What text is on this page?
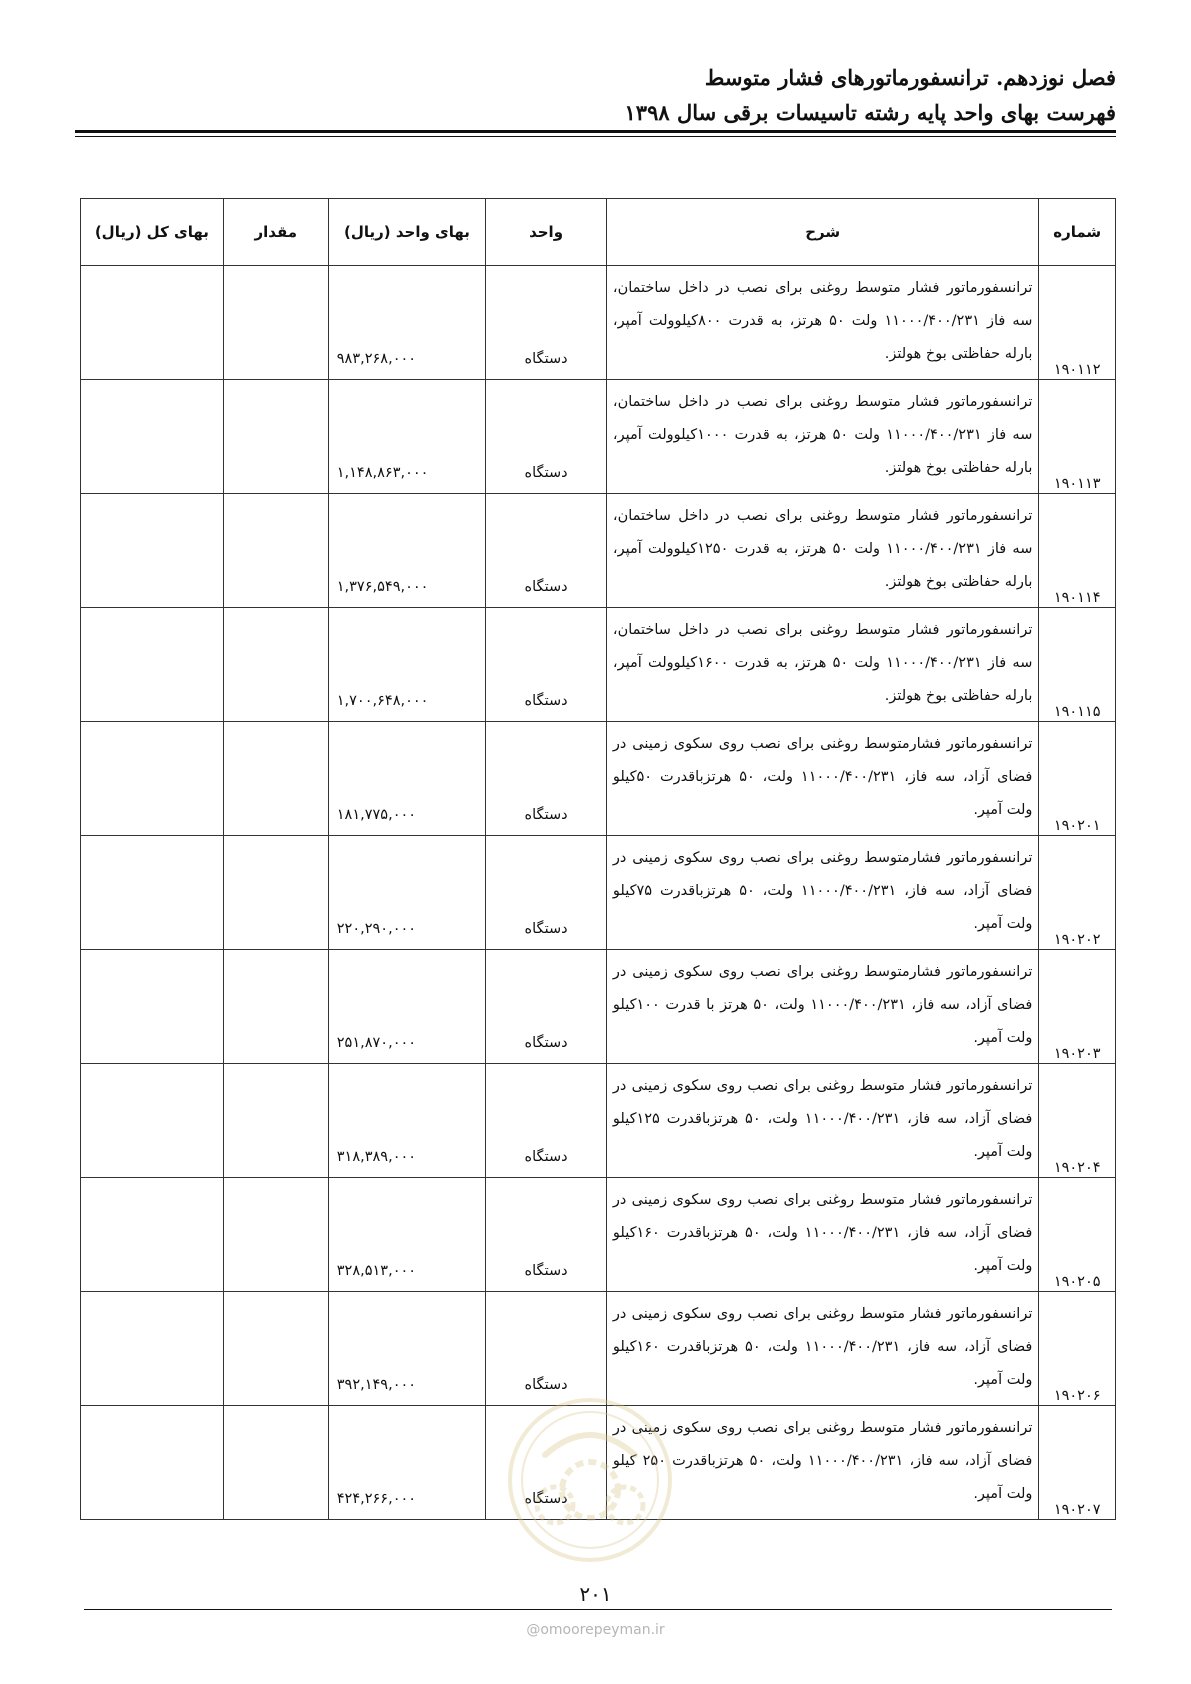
فصل نوزدهم. ترانسفورماتورهای فشار متوسط
فهرست بهای واحد پایه رشته تاسیسات برقی سال ۱۳۹۸
شماره	شرح	واحد	بهای واحد (ریال)	مقدار	بهای کل (ریال)
۱۹۰۱۱۲	ترانسفورماتور فشار متوسط روغنی برای نصب در داخل ساختمان، سه فاز ۱۱۰۰۰/۴۰۰/۲۳۱ ولت ۵۰ هرتز، به قدرت ۸۰۰کیلوولت آمپر، بارله حفاظتی بوخ هولتز.	دستگاه	۹۸۳,۲۶۸,۰۰۰		
۱۹۰۱۱۳	ترانسفورماتور فشار متوسط روغنی برای نصب در داخل ساختمان، سه فاز ۱۱۰۰۰/۴۰۰/۲۳۱ ولت ۵۰ هرتز، به قدرت ۱۰۰۰کیلوولت آمپر، بارله حفاظتی بوخ هولتز.	دستگاه	۱,۱۴۸,۸۶۳,۰۰۰		
۱۹۰۱۱۴	ترانسفورماتور فشار متوسط روغنی برای نصب در داخل ساختمان، سه فاز ۱۱۰۰۰/۴۰۰/۲۳۱ ولت ۵۰ هرتز، به قدرت ۱۲۵۰کیلوولت آمپر، بارله حفاظتی بوخ هولتز.	دستگاه	۱,۳۷۶,۵۴۹,۰۰۰		
۱۹۰۱۱۵	ترانسفورماتور فشار متوسط روغنی برای نصب در داخل ساختمان، سه فاز ۱۱۰۰۰/۴۰۰/۲۳۱ ولت ۵۰ هرتز، به قدرت ۱۶۰۰کیلوولت آمپر، بارله حفاظتی بوخ هولتز.	دستگاه	۱,۷۰۰,۶۴۸,۰۰۰		
۱۹۰۲۰۱	ترانسفورماتور فشارمتوسط روغنی برای نصب روی سکوی زمینی در فضای آزاد، سه فاز، ۱۱۰۰۰/۴۰۰/۲۳۱ ولت، ۵۰ هرتزباقدرت ۵۰کیلو ولت آمپر.	دستگاه	۱۸۱,۷۷۵,۰۰۰		
۱۹۰۲۰۲	ترانسفورماتور فشارمتوسط روغنی برای نصب روی سکوی زمینی در فضای آزاد، سه فاز، ۱۱۰۰۰/۴۰۰/۲۳۱ ولت، ۵۰ هرتزباقدرت ۷۵کیلو ولت آمپر.	دستگاه	۲۲۰,۲۹۰,۰۰۰		
۱۹۰۲۰۳	ترانسفورماتور فشارمتوسط روغنی برای نصب روی سکوی زمینی در فضای آزاد، سه فاز، ۱۱۰۰۰/۴۰۰/۲۳۱ ولت، ۵۰ هرتز با قدرت ۱۰۰کیلو ولت آمپر.	دستگاه	۲۵۱,۸۷۰,۰۰۰		
۱۹۰۲۰۴	ترانسفورماتور فشار متوسط روغنی برای نصب روی سکوی زمینی در فضای آزاد، سه فاز، ۱۱۰۰۰/۴۰۰/۲۳۱ ولت، ۵۰ هرتزباقدرت ۱۲۵کیلو ولت آمپر.	دستگاه	۳۱۸,۳۸۹,۰۰۰		
۱۹۰۲۰۵	ترانسفورماتور فشار متوسط روغنی برای نصب روی سکوی زمینی در فضای آزاد، سه فاز، ۱۱۰۰۰/۴۰۰/۲۳۱ ولت، ۵۰ هرتزباقدرت ۱۶۰کیلو ولت آمپر.	دستگاه	۳۲۸,۵۱۳,۰۰۰		
۱۹۰۲۰۶	ترانسفورماتور فشار متوسط روغنی برای نصب روی سکوی زمینی در فضای آزاد، سه فاز، ۱۱۰۰۰/۴۰۰/۲۳۱ ولت، ۵۰ هرتزباقدرت ۱۶۰کیلو ولت آمپر.	دستگاه	۳۹۲,۱۴۹,۰۰۰		
۱۹۰۲۰۷	ترانسفورماتور فشار متوسط روغنی برای نصب روی سکوی زمینی در فضای آزاد، سه فاز، ۱۱۰۰۰/۴۰۰/۲۳۱ ولت، ۵۰ هرتزباقدرت ۲۵۰ کیلو ولت آمپر.	دستگاه	۴۲۴,۲۶۶,۰۰۰		
۲۰۱
@omoorepeyman.ir
